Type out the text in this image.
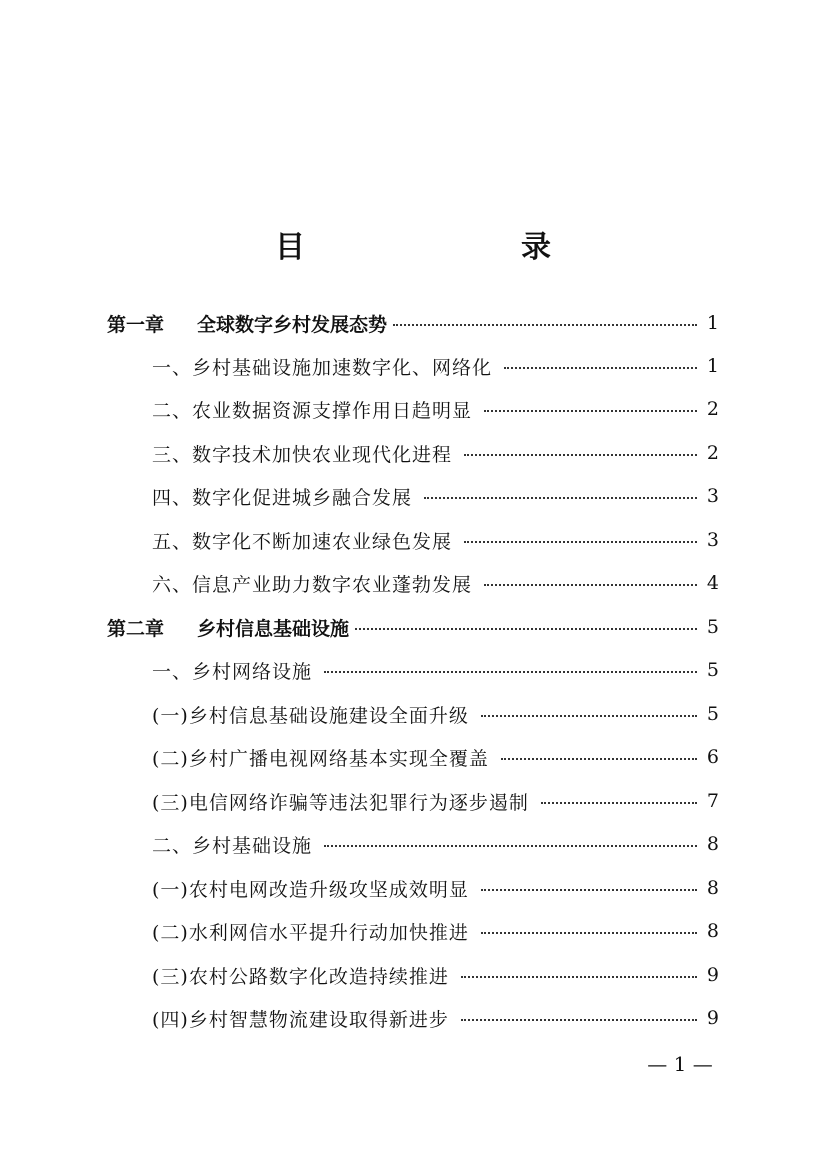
目　　录
第一章 全球数字乡村发展态势	1
一、乡村基础设施加速数字化、网络化	1
二、农业数据资源支撑作用日趋明显	2
三、数字技术加快农业现代化进程	2
四、数字化促进城乡融合发展	3
五、数字化不断加速农业绿色发展	3
六、信息产业助力数字农业蓬勃发展	4
第二章 乡村信息基础设施	5
一、乡村网络设施	5
(一)乡村信息基础设施建设全面升级	5
(二)乡村广播电视网络基本实现全覆盖	6
(三)电信网络诈骗等违法犯罪行为逐步遏制	7
二、乡村基础设施	8
(一)农村电网改造升级攻坚成效明显	8
(二)水利网信水平提升行动加快推进	8
(三)农村公路数字化改造持续推进	9
(四)乡村智慧物流建设取得新进步	9
— 1 —
